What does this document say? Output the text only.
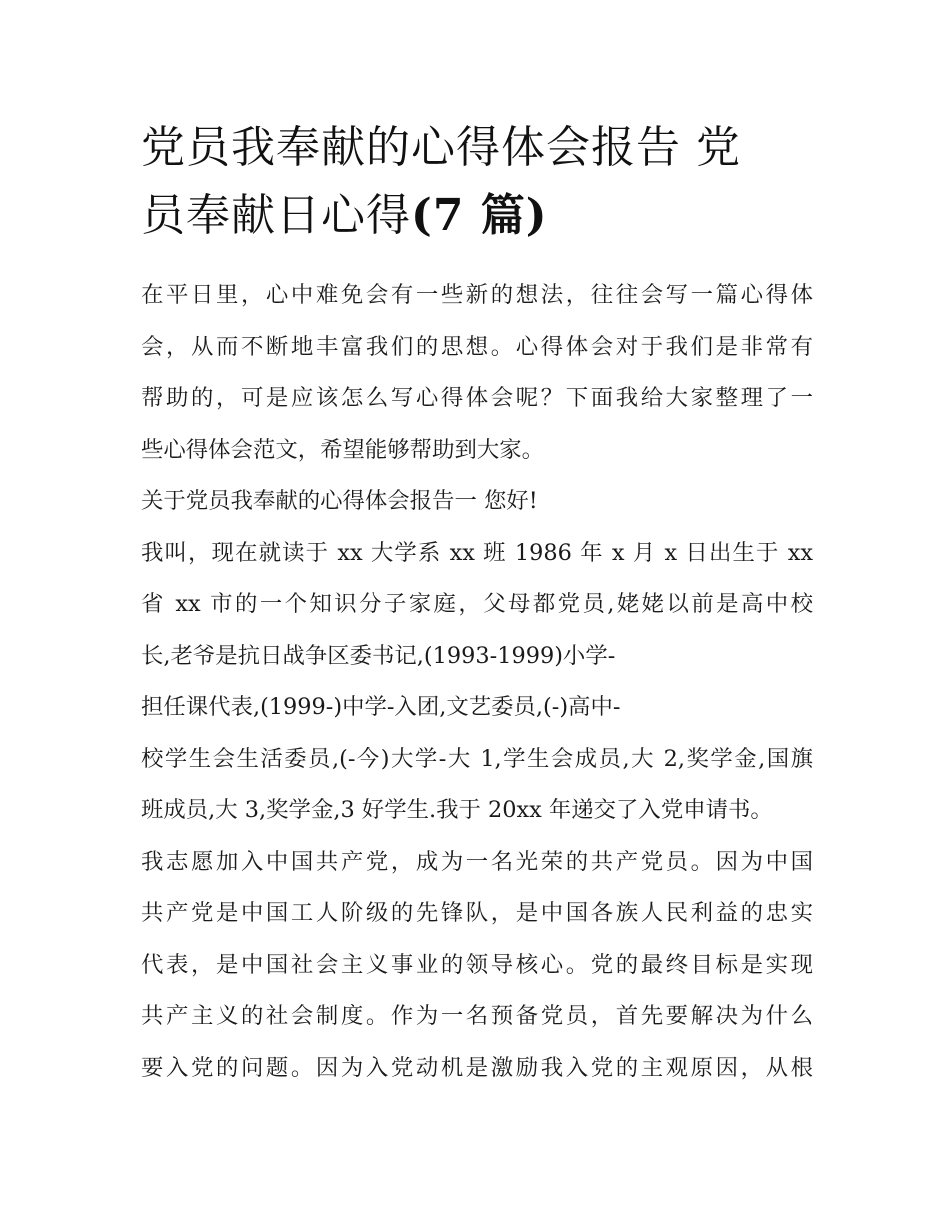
党员我奉献的心得体会报告 党
员奉献日心得(7 篇)
在平日里，心中难免会有一些新的想法，往往会写一篇心得体
会，从而不断地丰富我们的思想。心得体会对于我们是非常有
帮助的，可是应该怎么写心得体会呢？下面我给大家整理了一
些心得体会范文，希望能够帮助到大家。
关于党员我奉献的心得体会报告一 您好!
我叫，现在就读于 xx 大学系 xx 班 1986 年 x 月 x 日出生于 xx
省 xx 市的一个知识分子家庭，父母都党员,姥姥以前是高中校
长,老爷是抗日战争区委书记,(1993-1999)小学-
担任课代表,(1999-)中学-入团,文艺委员,(-)高中-
校学生会生活委员,(-今)大学-大 1,学生会成员,大 2,奖学金,国旗
班成员,大 3,奖学金,3 好学生.我于 20xx 年递交了入党申请书。
我志愿加入中国共产党，成为一名光荣的共产党员。因为中国
共产党是中国工人阶级的先锋队，是中国各族人民利益的忠实
代表，是中国社会主义事业的领导核心。党的最终目标是实现
共产主义的社会制度。作为一名预备党员，首先要解决为什么
要入党的问题。因为入党动机是激励我入党的主观原因，从根
